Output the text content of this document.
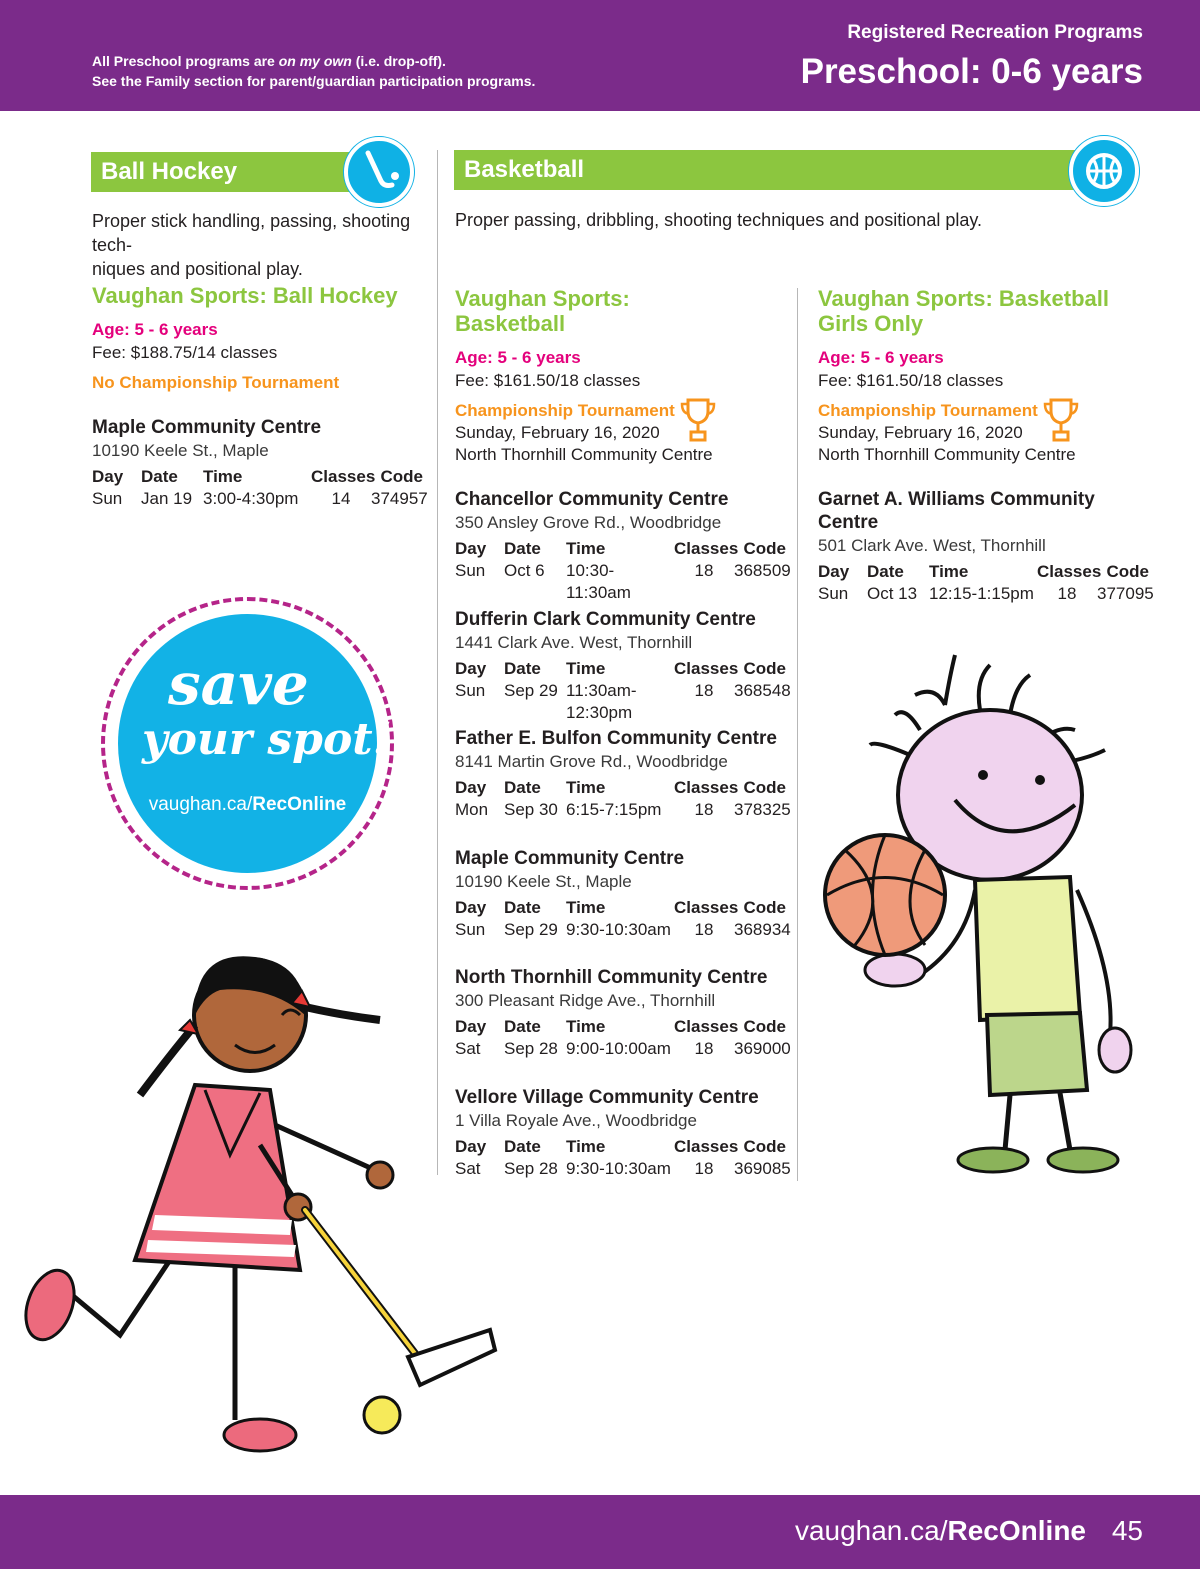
All Preschool programs are on my own (i.e. drop-off).
See the Family section for parent/guardian participation programs.
Registered Recreation Programs
Preschool: 0-6 years
Ball Hockey
Proper stick handling, passing, shooting tech-
niques and positional play.
Vaughan Sports: Ball Hockey
Age: 5 - 6 years
Fee: $188.75/14 classes
No Championship Tournament
Maple Community Centre
10190 Keele St., Maple
Day	Date	Time	Classes Code
Sun	Jan 19 3:00-4:30pm	14	374957
save
your spot!
vaughan.ca/RecOnline
Basketball
Proper passing, dribbling, shooting techniques and positional play.
Vaughan Sports:
Basketball
Age: 5 - 6 years
Fee: $161.50/18 classes
Championship Tournament
Sunday, February 16, 2020
North Thornhill Community Centre
Vaughan Sports: Basketball
Girls Only
Age: 5 - 6 years
Fee: $161.50/18 classes
Championship Tournament
Sunday, February 16, 2020
North Thornhill Community Centre
Chancellor Community Centre
350 Ansley Grove Rd., Woodbridge
Day	Date	Time	Classes Code
Sun	Oct 6	10:30-11:30am
18	368509
Dufferin Clark Community Centre
1441 Clark Ave. West, Thornhill
Day	Date	Time	Classes Code
Sun	Sep 29 11:30am-12:30pm
18	368548
Father E. Bulfon Community Centre
8141 Martin Grove Rd., Woodbridge
Day	Date	Time	Classes Code
Mon Sep 30 6:15-7:15pm	18	378325
Maple Community Centre
10190 Keele St., Maple
Day	Date	Time	Classes Code
Sun	Sep 29 9:30-10:30am	18	368934
North Thornhill Community Centre
300 Pleasant Ridge Ave., Thornhill
Day	Date	Time	Classes Code
Sat	Sep 28 9:00-10:00am	18	369000
Vellore Village Community Centre
1 Villa Royale Ave., Woodbridge
Day	Date	Time	Classes Code
Sat	Sep 28 9:30-10:30am	18	369085
Garnet A. Williams Community Centre
501 Clark Ave. West, Thornhill
Day	Date	Time	Classes Code
Sun	Oct 13 12:15-1:15pm	18	377095
vaughan.ca/RecOnline 45
